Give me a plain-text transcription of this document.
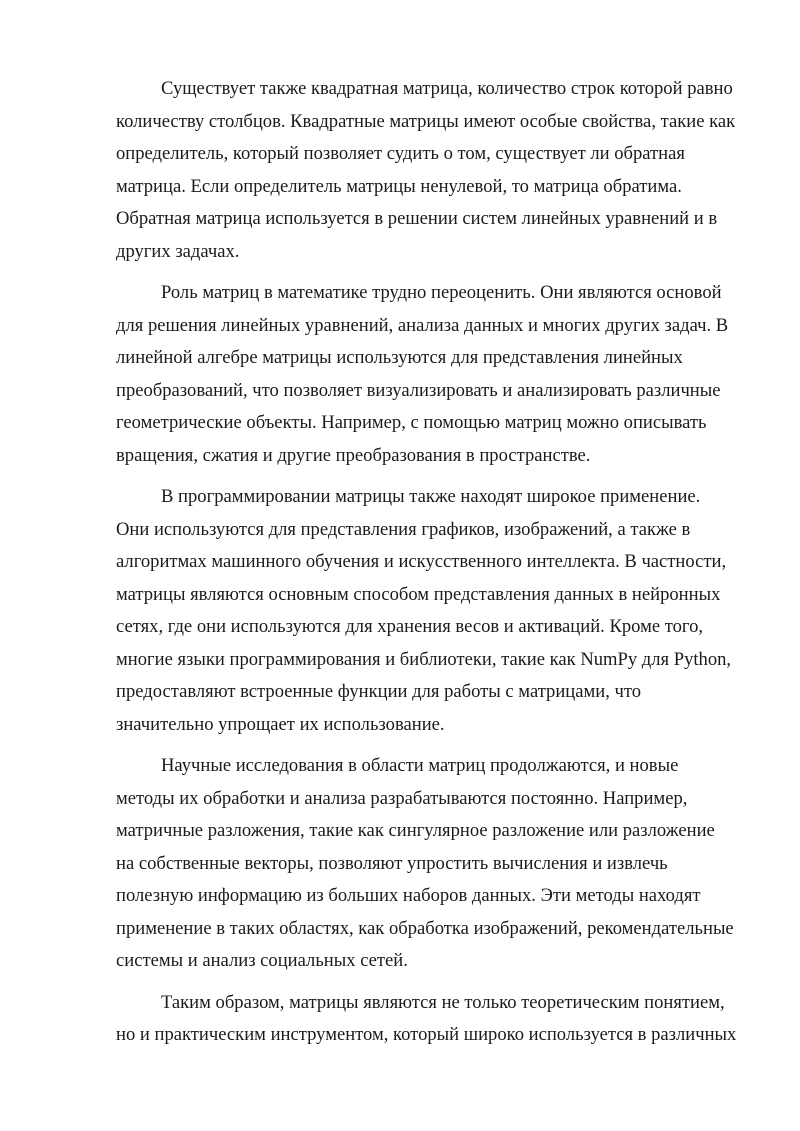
Существует также квадратная матрица, количество строк которой равно
количеству столбцов. Квадратные матрицы имеют особые свойства, такие как
определитель, который позволяет судить о том, существует ли обратная
матрица. Если определитель матрицы ненулевой, то матрица обратима.
Обратная матрица используется в решении систем линейных уравнений и в
других задачах.

Роль матриц в математике трудно переоценить. Они являются основой
для решения линейных уравнений, анализа данных и многих других задач. В
линейной алгебре матрицы используются для представления линейных
преобразований, что позволяет визуализировать и анализировать различные
геометрические объекты. Например, с помощью матриц можно описывать
вращения, сжатия и другие преобразования в пространстве.

В программировании матрицы также находят широкое применение.
Они используются для представления графиков, изображений, а также в
алгоритмах машинного обучения и искусственного интеллекта. В частности,
матрицы являются основным способом представления данных в нейронных
сетях, где они используются для хранения весов и активаций. Кроме того,
многие языки программирования и библиотеки, такие как NumPy для Python,
предоставляют встроенные функции для работы с матрицами, что
значительно упрощает их использование.

Научные исследования в области матриц продолжаются, и новые
методы их обработки и анализа разрабатываются постоянно. Например,
матричные разложения, такие как сингулярное разложение или разложение
на собственные векторы, позволяют упростить вычисления и извлечь
полезную информацию из больших наборов данных. Эти методы находят
применение в таких областях, как обработка изображений, рекомендательные
системы и анализ социальных сетей.

Таким образом, матрицы являются не только теоретическим понятием,
но и практическим инструментом, который широко используется в различных
